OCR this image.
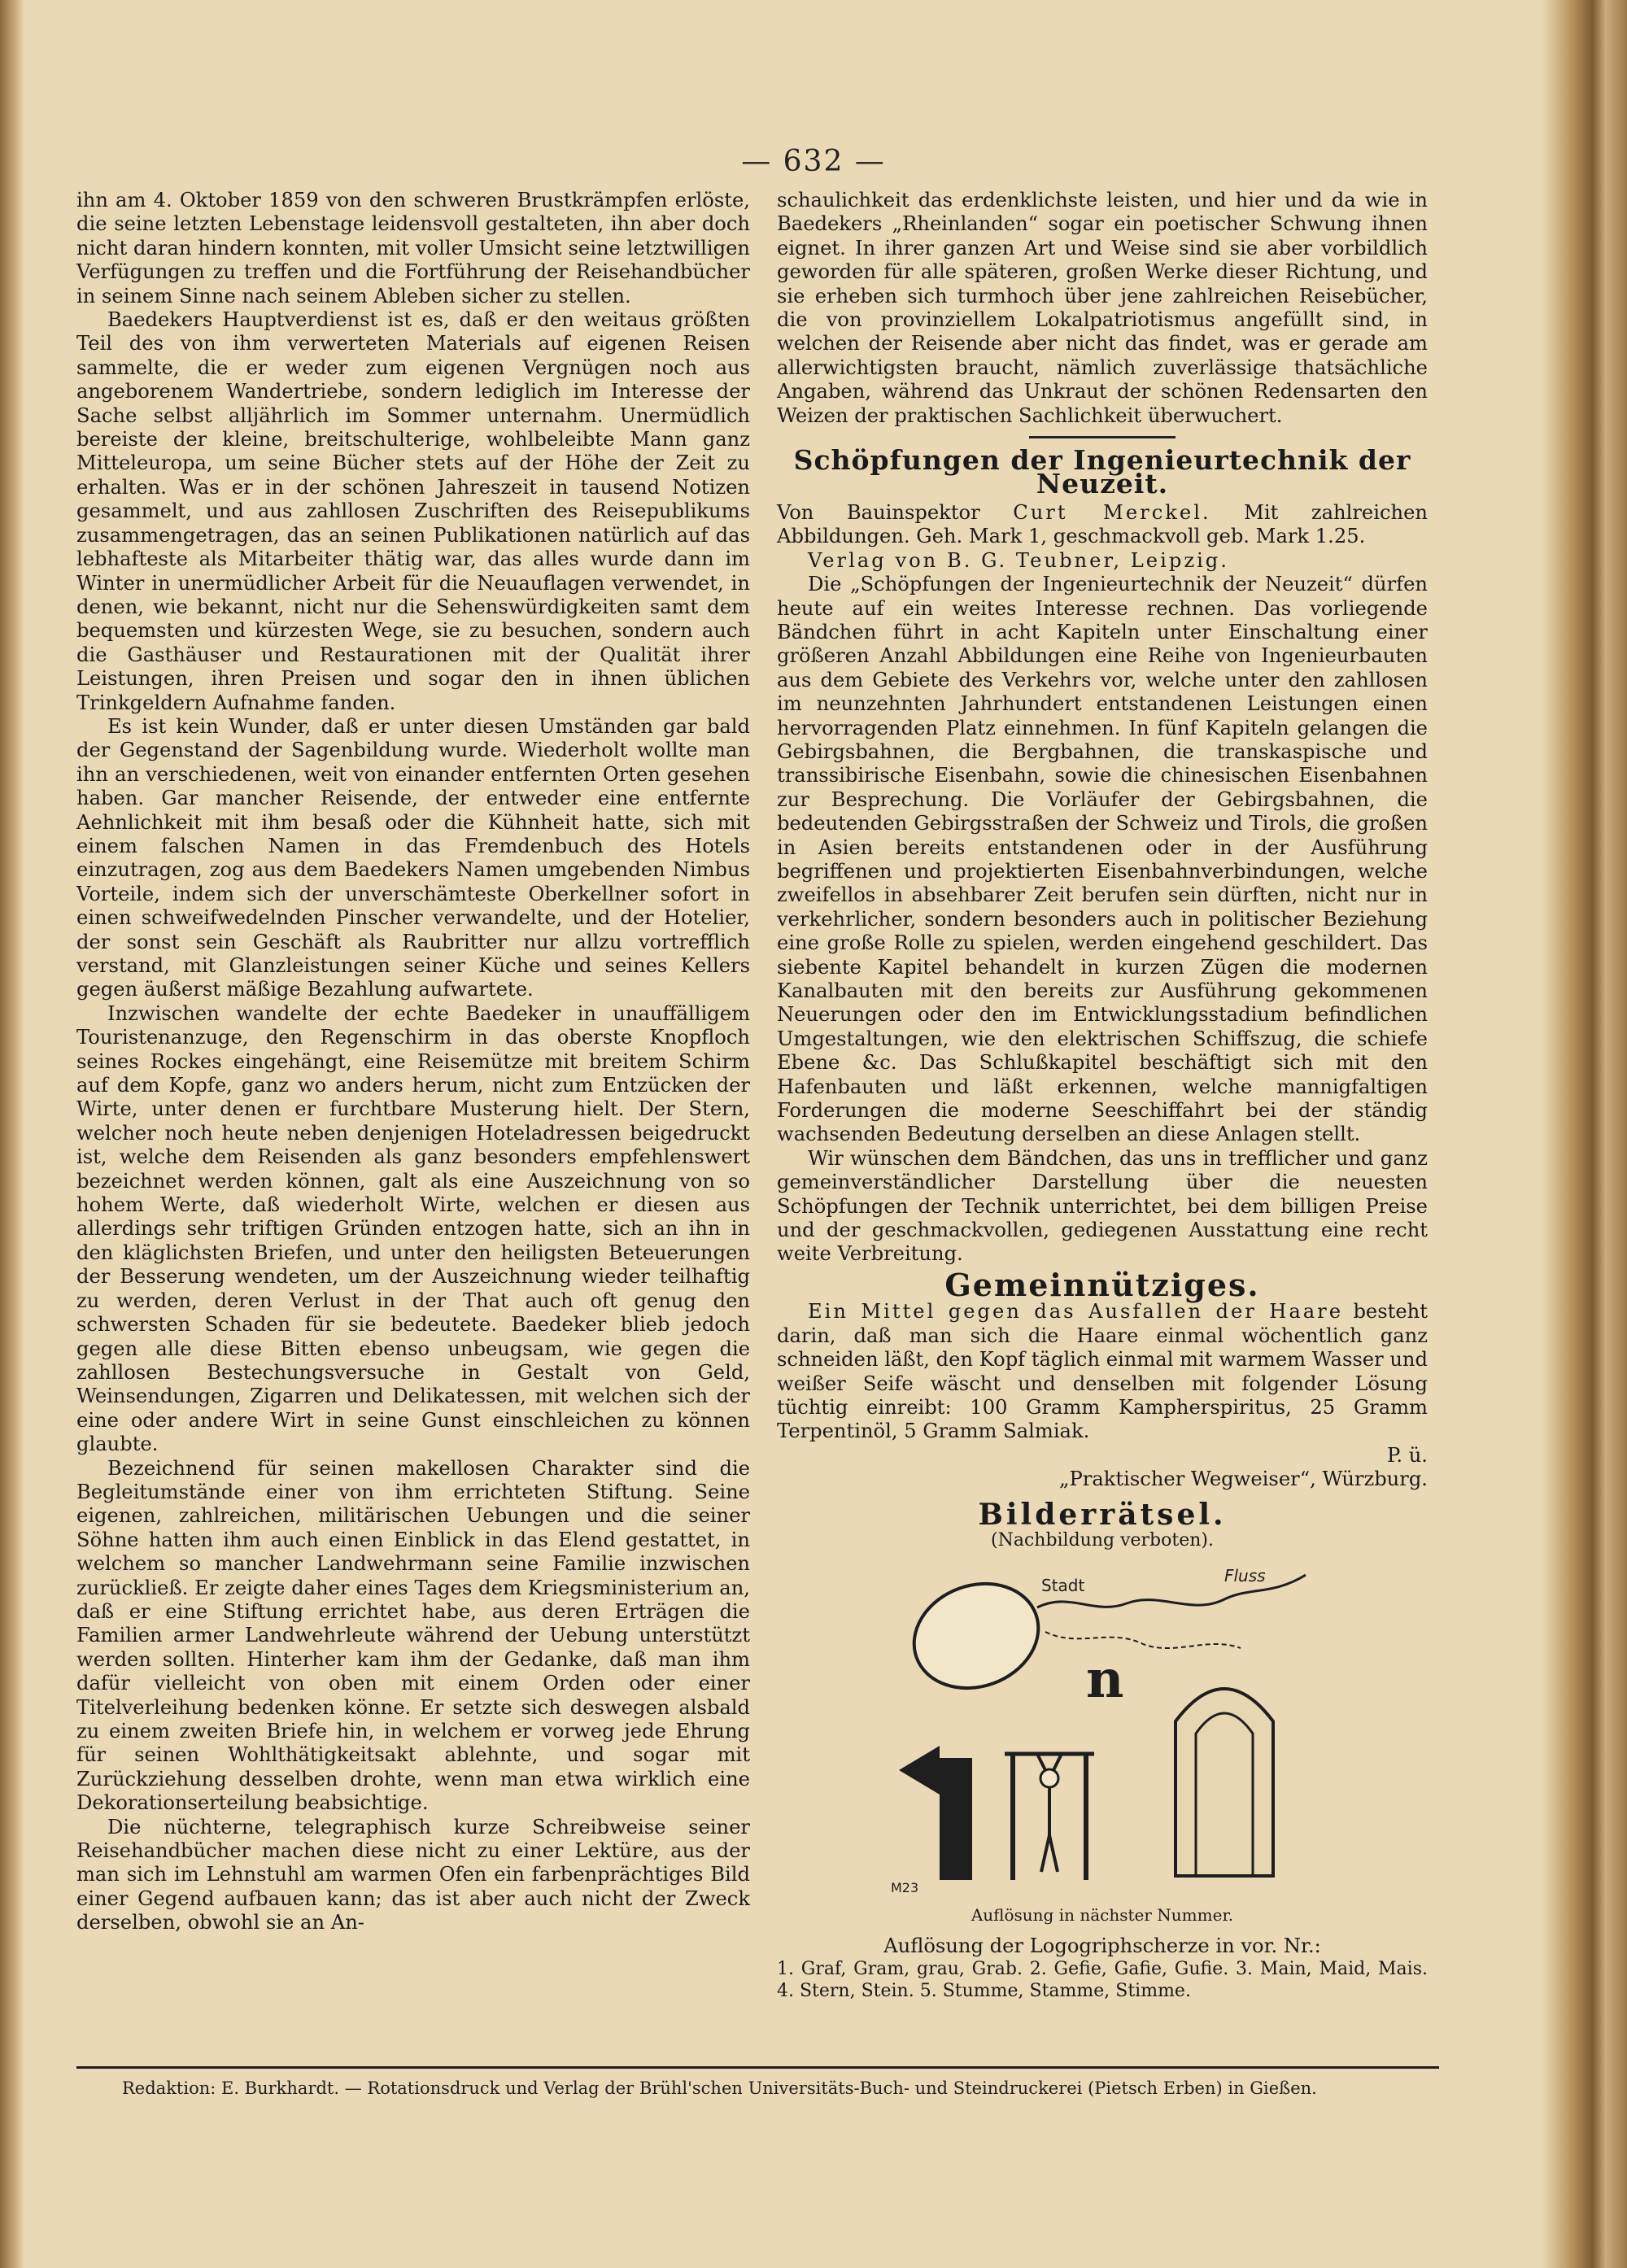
— 632 —

ihn am 4. Oktober 1859 von den schweren Brustkrämpfen erlöste, die seine letzten Lebenstage leidensvoll gestalteten, ihn aber doch nicht daran hindern konnten, mit voller Umsicht seine letztwilligen Verfügungen zu treffen und die Fortführung der Reisehandbücher in seinem Sinne nach seinem Ableben sicher zu stellen.

Baedekers Hauptverdienst ist es, daß er den weitaus größten Teil des von ihm verwerteten Materials auf eigenen Reisen sammelte, die er weder zum eigenen Vergnügen noch aus angeborenem Wandertriebe, sondern lediglich im Interesse der Sache selbst alljährlich im Sommer unternahm. Unermüdlich bereiste der kleine, breitschulterige, wohlbeleibte Mann ganz Mitteleuropa, um seine Bücher stets auf der Höhe der Zeit zu erhalten. Was er in der schönen Jahreszeit in tausend Notizen gesammelt, und aus zahllosen Zuschriften des Reisepublikums zusammengetragen, das an seinen Publikationen natürlich auf das lebhafteste als Mitarbeiter thätig war, das alles wurde dann im Winter in unermüdlicher Arbeit für die Neuauflagen verwendet, in denen, wie bekannt, nicht nur die Sehenswürdigkeiten samt dem bequemsten und kürzesten Wege, sie zu besuchen, sondern auch die Gasthäuser und Restaurationen mit der Qualität ihrer Leistungen, ihren Preisen und sogar den in ihnen üblichen Trinkgeldern Aufnahme fanden.

Es ist kein Wunder, daß er unter diesen Umständen gar bald der Gegenstand der Sagenbildung wurde. Wiederholt wollte man ihn an verschiedenen, weit von einander entfernten Orten gesehen haben. Gar mancher Reisende, der entweder eine entfernte Aehnlichkeit mit ihm besaß oder die Kühnheit hatte, sich mit einem falschen Namen in das Fremdenbuch des Hotels einzutragen, zog aus dem Baedekers Namen umgebenden Nimbus Vorteile, indem sich der unverschämteste Oberkellner sofort in einen schweifwedelnden Pinscher verwandelte, und der Hotelier, der sonst sein Geschäft als Raubritter nur allzu vortrefflich verstand, mit Glanzleistungen seiner Küche und seines Kellers gegen äußerst mäßige Bezahlung aufwartete.

Inzwischen wandelte der echte Baedeker in unauffälligem Touristenanzuge, den Regenschirm in das oberste Knopfloch seines Rockes eingehängt, eine Reisemütze mit breitem Schirm auf dem Kopfe, ganz wo anders herum, nicht zum Entzücken der Wirte, unter denen er furchtbare Musterung hielt. Der Stern, welcher noch heute neben denjenigen Hoteladressen beigedruckt ist, welche dem Reisenden als ganz besonders empfehlenswert bezeichnet werden können, galt als eine Auszeichnung von so hohem Werte, daß wiederholt Wirte, welchen er diesen aus allerdings sehr triftigen Gründen entzogen hatte, sich an ihn in den kläglichsten Briefen, und unter den heiligsten Beteuerungen der Besserung wendeten, um der Auszeichnung wieder teilhaftig zu werden, deren Verlust in der That auch oft genug den schwersten Schaden für sie bedeutete. Baedeker blieb jedoch gegen alle diese Bitten ebenso unbeugsam, wie gegen die zahllosen Bestechungsversuche in Gestalt von Geld, Weinsendungen, Zigarren und Delikatessen, mit welchen sich der eine oder andere Wirt in seine Gunst einschleichen zu können glaubte.

Bezeichnend für seinen makellosen Charakter sind die Begleitumstände einer von ihm errichteten Stiftung. Seine eigenen, zahlreichen, militärischen Uebungen und die seiner Söhne hatten ihm auch einen Einblick in das Elend gestattet, in welchem so mancher Landwehrmann seine Familie inzwischen zurückließ. Er zeigte daher eines Tages dem Kriegsministerium an, daß er eine Stiftung errichtet habe, aus deren Erträgen die Familien armer Landwehrleute während der Uebung unterstützt werden sollten. Hinterher kam ihm der Gedanke, daß man ihm dafür vielleicht von oben mit einem Orden oder einer Titelverleihung bedenken könne. Er setzte sich deswegen alsbald zu einem zweiten Briefe hin, in welchem er vorweg jede Ehrung für seinen Wohlthätigkeitsakt ablehnte, und sogar mit Zurückziehung desselben drohte, wenn man etwa wirklich eine Dekorationserteilung beabsichtige.

Die nüchterne, telegraphisch kurze Schreibweise seiner Reisehandbücher machen diese nicht zu einer Lektüre, aus der man sich im Lehnstuhl am warmen Ofen ein farbenprächtiges Bild einer Gegend aufbauen kann; das ist aber auch nicht der Zweck derselben, obwohl sie an An-

schaulichkeit das erdenklichste leisten, und hier und da wie in Baedekers „Rheinlanden“ sogar ein poetischer Schwung ihnen eignet. In ihrer ganzen Art und Weise sind sie aber vorbildlich geworden für alle späteren, großen Werke dieser Richtung, und sie erheben sich turmhoch über jene zahlreichen Reisebücher, die von provinziellem Lokalpatriotismus angefüllt sind, in welchen der Reisende aber nicht das findet, was er gerade am allerwichtigsten braucht, nämlich zuverlässige thatsächliche Angaben, während das Unkraut der schönen Redensarten den Weizen der praktischen Sachlichkeit überwuchert.

Schöpfungen der Ingenieurtechnik der Neuzeit.

Von Bauinspektor Curt Merckel. Mit zahlreichen Abbildungen. Geh. Mark 1, geschmackvoll geb. Mark 1.25.

Verlag von B. G. Teubner, Leipzig.

Die „Schöpfungen der Ingenieurtechnik der Neuzeit“ dürfen heute auf ein weites Interesse rechnen. Das vorliegende Bändchen führt in acht Kapiteln unter Einschaltung einer größeren Anzahl Abbildungen eine Reihe von Ingenieurbauten aus dem Gebiete des Verkehrs vor, welche unter den zahllosen im neunzehnten Jahrhundert entstandenen Leistungen einen hervorragenden Platz einnehmen. In fünf Kapiteln gelangen die Gebirgsbahnen, die Bergbahnen, die transkaspische und transsibirische Eisenbahn, sowie die chinesischen Eisenbahnen zur Besprechung. Die Vorläufer der Gebirgsbahnen, die bedeutenden Gebirgsstraßen der Schweiz und Tirols, die großen in Asien bereits entstandenen oder in der Ausführung begriffenen und projektierten Eisenbahnverbindungen, welche zweifellos in absehbarer Zeit berufen sein dürften, nicht nur in verkehrlicher, sondern besonders auch in politischer Beziehung eine große Rolle zu spielen, werden eingehend geschildert. Das siebente Kapitel behandelt in kurzen Zügen die modernen Kanalbauten mit den bereits zur Ausführung gekommenen Neuerungen oder den im Entwicklungsstadium befindlichen Umgestaltungen, wie den elektrischen Schiffszug, die schiefe Ebene &c. Das Schlußkapitel beschäftigt sich mit den Hafenbauten und läßt erkennen, welche mannigfaltigen Forderungen die moderne Seeschiffahrt bei der ständig wachsenden Bedeutung derselben an diese Anlagen stellt.

Wir wünschen dem Bändchen, das uns in trefflicher und ganz gemeinverständlicher Darstellung über die neuesten Schöpfungen der Technik unterrichtet, bei dem billigen Preise und der geschmackvollen, gediegenen Ausstattung eine recht weite Verbreitung.

Gemeinnütziges.

Ein Mittel gegen das Ausfallen der Haare besteht darin, daß man sich die Haare einmal wöchentlich ganz schneiden läßt, den Kopf täglich einmal mit warmem Wasser und weißer Seife wäscht und denselben mit folgender Lösung tüchtig einreibt: 100 Gramm Kampherspiritus, 25 Gramm Terpentinöl, 5 Gramm Salmiak.

P. ü.

„Praktischer Wegweiser“, Würzburg.

Bilderrätsel.
(Nachbildung verboten).
Stadt	Fluss
n
M23
Auflösung in nächster Nummer.

Auflösung der Logogriphscherze in vor. Nr.:

1. Graf, Gram, grau, Grab. 2. Gefie, Gafie, Gufie. 3. Main, Maid, Mais. 4. Stern, Stein. 5. Stumme, Stamme, Stimme.

Redaktion: E. Burkhardt. — Rotationsdruck und Verlag der Brühl'schen Universitäts-Buch- und Steindruckerei (Pietsch Erben) in Gießen.
